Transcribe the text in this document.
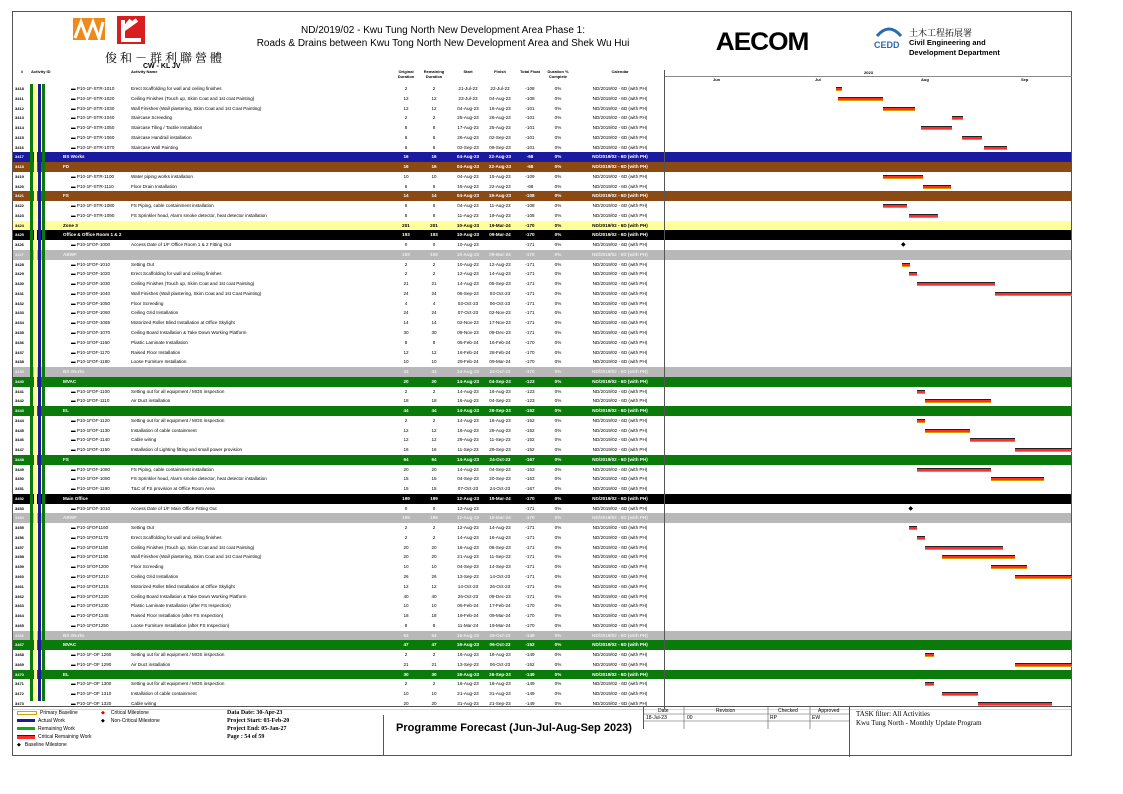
俊和－群利聯營體
CW - KL JV
ND/2019/02 - Kwu Tung North New Development Area Phase 1:
Roads & Drains between Kwu Tong North New Development Area and Shek Wu Hui	AECOM	CEDD
土木工程拓展署
Civil Engineering and
Development Department
#	Activity ID	Activity Name	Original Duration
Remaining Duration
Start	Finish	Total Float	Duration % Complete
Calendar	2023
Jun	Jul	Aug	Sep
3418	▬ P10-1F-STR-1010	Erect Scaffolding for wall and ceiling finishes	2	2	21-Jul-23	22-Jul-23	-108	0%	ND/2019/02 - 6D (with PH)
3411	▬ P10-1F-STR-1020	Ceiling Finishes (Touch up, Skim Coat and 1st coat Painting)	12	12	23-Jul-23	04-Aug-23	-108	0%	ND/2019/02 - 6D (with PH)
3412	▬ P10-1F-STR-1030	Wall Finishes (Wall plastering, Skim Coat and 1st Coat Painting)	12	12	04-Aug-23	16-Aug-23	-101	0%	ND/2019/02 - 6D (with PH)
3413	▬ P10-1F-STR-1040	Staircase Screeding	2	2	25-Aug-23	26-Aug-23	-101	0%	ND/2019/02 - 6D (with PH)
3414	▬ P10-1F-STR-1050	Staircase Tiling / Tactile Installation	8	8	17-Aug-23	25-Aug-23	-101	0%	ND/2019/02 - 6D (with PH)
3415	▬ P10-1F-STR-1060	Staircase Handrail installation	6	6	26-Aug-23	02-Sep-23	-101	0%	ND/2019/02 - 6D (with PH)
3416	▬ P10-1F-STR-1070	Staircase Wall Painting	6	6	02-Sep-23	09-Sep-23	-101	0%	ND/2019/02 - 6D (with PH)
3417	BS Works	16	16	04-Aug-23	22-Aug-23	-68	0%	ND/2019/02 - 6D (with PH)
3418	FD	16	16	04-Aug-23	22-Aug-23	-68	0%	ND/2019/02 - 6D (with PH)
3419	▬ P10-1F-STR-1100	Water piping works installation	10	10	04-Aug-23	15-Aug-23	-109	0%	ND/2019/02 - 6D (with PH)
3420	▬ P10-1F-STR-1110	Floor Drain Installation	6	6	15-Aug-23	22-Aug-23	-68	0%	ND/2019/02 - 6D (with PH)
3421	FS	14	14	04-Aug-23	19-Aug-23	-108	0%	ND/2019/02 - 6D (with PH)
3422	▬ P10-1F-STR-1080	FS Piping, cable containment installation	6	6	04-Aug-23	11-Aug-23	-108	0%	ND/2019/02 - 6D (with PH)
3423	▬ P10-1F-STR-1090	FS Sprinkler head, Alarm smoke detector, heat detector installation	8	8	11-Aug-23	19-Aug-23	-108	0%	ND/2019/02 - 6D (with PH)
3424	Zone 3	201	201	10-Aug-23	19-Mar-24	-170	0%	ND/2019/02 - 6D (with PH)
3425	Office & Office Room 1 & 2	193	193	10-Aug-23	09-Mar-24	-170	0%	ND/2019/02 - 6D (with PH)
3426	▬ P10-1FOF-1000	Access Date of 1/F Office Room 1 & 2 Fitting Out	0	0	10-Aug-23	-171	0%	ND/2019/02 - 6D (with PH)	◆
3427	ABWF	193	193	10-Aug-23	09-Mar-24	-170	0%	ND/2019/02 - 6D (with PH)
3428	▬ P10-1FOF-1010	Setting Out	2	2	10-Aug-23	12-Aug-23	-171	0%	ND/2019/02 - 6D (with PH)
3429	▬ P10-1FOF-1020	Erect Scaffolding for wall and ceiling finishes	2	2	12-Aug-23	14-Aug-23	-171	0%	ND/2019/02 - 6D (with PH)
3430	▬ P10-1FOF-1030	Ceiling Finishes (Touch up, Skim Coat and 1st coat Painting)	21	21	14-Aug-23	05-Sep-23	-171	0%	ND/2019/02 - 6D (with PH)
3431	▬ P10-1FOF-1040	Wall Finishes (Wall plastering, Skim Coat and 1st Coat Painting)	24	24	05-Sep-23	03-Oct-23	-171	0%	ND/2019/02 - 6D (with PH)
3432	▬ P10-1FOF-1050	Floor Screeding	4	4	03-Oct-23	06-Oct-23	-171	0%	ND/2019/02 - 6D (with PH)
3433	▬ P10-1FOF-1060	Ceiling Grid Installation	24	24	07-Oct-23	02-Nov-23	-171	0%	ND/2019/02 - 6D (with PH)
3434	▬ P10-1FOF-1065	Motorized Roller Blind Installation at Office Skylight	14	14	02-Nov-23	17-Nov-23	-171	0%	ND/2019/02 - 6D (with PH)
3435	▬ P10-1FOF-1070	Ceiling Board Installation & Take Down Working Platform	30	30	09-Nov-23	09-Dec-23	-171	0%	ND/2019/02 - 6D (with PH)
3436	▬ P10-1FOF-1160	Plastic Laminate Installation	8	8	05-Feb-24	16-Feb-24	-170	0%	ND/2019/02 - 6D (with PH)
3437	▬ P10-1FOF-1170	Raised Floor Installation	12	12	16-Feb-24	28-Feb-24	-170	0%	ND/2019/02 - 6D (with PH)
3438	▬ P10-1FOF-1180	Loose Furniture Installation	10	10	29-Feb-24	09-Mar-24	-170	0%	ND/2019/02 - 6D (with PH)
3439	BS Works	44	44	14-Aug-23	24-Oct-23	-170	0%	ND/2019/02 - 6D (with PH)
3440	MVAC	20	20	14-Aug-23	04-Sep-23	-123	0%	ND/2019/02 - 6D (with PH)
3441	▬ P10-1FOF-1100	Setting out for all equipment / MOS inspection	2	2	14-Aug-23	16-Aug-23	-123	0%	ND/2019/02 - 6D (with PH)
3442	▬ P10-1FOF-1110	Air Duct installation	18	18	16-Aug-23	04-Sep-23	-123	0%	ND/2019/02 - 6D (with PH)
3443	EL	44	44	14-Aug-23	29-Sep-23	-152	0%	ND/2019/02 - 6D (with PH)
3444	▬ P10-1FOF-1120	Setting out for all equipment / MOS inspection	2	2	14-Aug-23	16-Aug-23	-152	0%	ND/2019/02 - 6D (with PH)
3445	▬ P10-1FOF-1130	Installation of cable containment	12	12	16-Aug-23	29-Aug-23	-152	0%	ND/2019/02 - 6D (with PH)
3446	▬ P10-1FOF-1140	Cable wiring	12	12	29-Aug-23	11-Sep-23	-152	0%	ND/2019/02 - 6D (with PH)
3447	▬ P10-1FOF-1150	Installation of Lighting fitting and small power provision	16	16	11-Sep-23	29-Sep-23	-152	0%	ND/2019/02 - 6D (with PH)
3448	FS	64	64	14-Aug-23	24-Oct-23	-167	0%	ND/2019/02 - 6D (with PH)
3449	▬ P10-1FOF-1080	FS Piping, cable containment installation	20	20	14-Aug-23	04-Sep-23	-153	0%	ND/2019/02 - 6D (with PH)
3450	▬ P10-1FOF-1090	FS Sprinkler head, Alarm smoke detector, heat detector installation	15	15	04-Sep-23	20-Sep-23	-153	0%	ND/2019/02 - 6D (with PH)
3451	▬ P10-1FOF-1190	T&C of FS provision at Office Room Area	15	15	07-Oct-23	24-Oct-23	-167	0%	ND/2019/02 - 6D (with PH)
3452	Main Office	199	199	12-Aug-23	19-Mar-24	-170	0%	ND/2019/02 - 6D (with PH)
3453	▬ P10-1FOF-1010	Access Date of 1/F Main Office Fitting Out	0	0	12-Aug-23	-171	0%	ND/2019/02 - 6D (with PH)	◆
3454	ABWF	199	199	12-Aug-23	19-Mar-24	-170	0%	ND/2019/02 - 6D (with PH)
3455	▬ P10-1FOF1160	Setting Out	2	2	12-Aug-23	14-Aug-23	-171	0%	ND/2019/02 - 6D (with PH)
3456	▬ P10-1FOF1170	Erect Scaffolding for wall and ceiling finishes	2	2	14-Aug-23	16-Aug-23	-171	0%	ND/2019/02 - 6D (with PH)
3457	▬ P10-1FOF1180	Ceiling Finishes (Touch up, Skim Coat and 1st coat Painting)	20	20	16-Aug-23	08-Sep-23	-171	0%	ND/2019/02 - 6D (with PH)
3458	▬ P10-1FOF1190	Wall Finishes (Wall plastering, Skim Coat and 1st Coat Painting)	20	20	21-Aug-23	11-Sep-23	-171	0%	ND/2019/02 - 6D (with PH)
3459	▬ P10-1FOF1200	Floor Screeding	10	10	04-Sep-23	14-Sep-23	-171	0%	ND/2019/02 - 6D (with PH)
3460	▬ P10-1FOF1210	Ceiling Grid Installation	26	26	13-Sep-23	14-Oct-23	-171	0%	ND/2019/02 - 6D (with PH)
3461	▬ P10-1FOF1215	Motorized Roller Blind Installation at Office Skylight	12	12	14-Oct-23	26-Oct-23	-171	0%	ND/2019/02 - 6D (with PH)
3462	▬ P10-1FOF1220	Ceiling Board Installation & Take Down Working Platform	40	40	26-Oct-23	09-Dec-23	-171	0%	ND/2019/02 - 6D (with PH)
3463	▬ P10-1FOF1230	Plastic Laminate Installation (after FS Inspection)	10	10	05-Feb-24	17-Feb-24	-170	0%	ND/2019/02 - 6D (with PH)
3464	▬ P10-1FOF1245	Raised Floor Installation (after FS Inspection)	18	18	19-Feb-24	09-Mar-24	-170	0%	ND/2019/02 - 6D (with PH)
3465	▬ P10-1FOF1250	Loose Furniture Installation (after FS Inspection)	8	8	11-Mar-24	19-Mar-24	-170	0%	ND/2019/02 - 6D (with PH)
3466	BS Works	64	64	16-Aug-23	26-Oct-23	-149	0%	ND/2019/02 - 6D (with PH)
3467	MVAC	47	47	16-Aug-23	06-Oct-23	-152	0%	ND/2019/02 - 6D (with PH)
3468	▬ P10-1F-OF 1260	Setting out for all equipment / MOS inspection	2	2	16-Aug-23	18-Aug-23	-149	0%	ND/2019/02 - 6D (with PH)
3469	▬ P10-1F-OF 1290	Air Duct installation	21	21	13-Sep-23	06-Oct-23	-152	0%	ND/2019/02 - 6D (with PH)
3470	EL	30	30	16-Aug-23	26-Sep-23	-149	0%	ND/2019/02 - 6D (with PH)
3471	▬ P10-1F-OF 1300	Setting out for all equipment / MOS inspection	2	2	16-Aug-23	18-Aug-23	-149	0%	ND/2019/02 - 6D (with PH)
3472	▬ P10-1F-OF 1310	Installation of cable containment	10	10	21-Aug-23	31-Aug-23	-149	0%	ND/2019/02 - 6D (with PH)
3473	▬ P10-1F-OF 1320	Cable wiring	20	20	31-Aug-23	21-Sep-23	-149	0%	ND/2019/02 - 6D (with PH)
Primary Baseline
Actual Work
Remaining Work
Critical Remaining Work
◆ Baseline Milestone
◆ Critical Milestone
◆ Non-Critical Milestone
Data Date: 30-Apr-23
Project Start: 03-Feb-20
Project End: 05-Jan-27
Page : 54 of 59
Programme Forecast (Jun-Jul-Aug-Sep 2023)
Date	Revision	Checked	Approved
18-Jul-23	00	RP	EW	TASK filter: All Activities
Kwu Tung North - Monthly Update Program
